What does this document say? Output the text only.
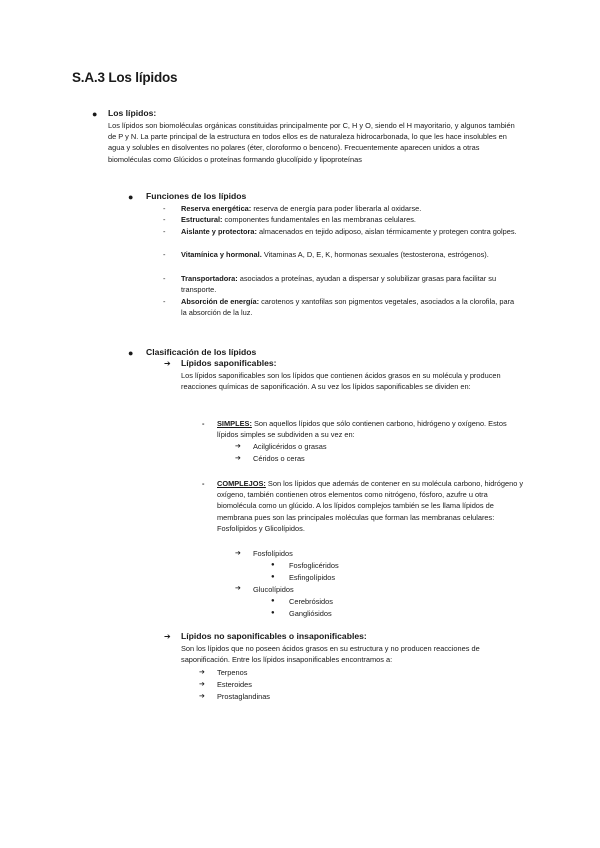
S.A.3 Los lípidos
● Los lípidos:
Los lípidos son biomoléculas orgánicas constituidas principalmente por C, H y O, siendo el H mayoritario, y algunos también de P y N. La parte principal de la estructura en todos ellos es de naturaleza hidrocarbonada, lo que les hace insolubles en agua y solubles en disolventes no polares (éter, cloroformo o benceno). Frecuentemente aparecen unidos a otras biomoléculas como Glúcidos o proteínas formando glucolípido y lipoproteínas
● Funciones de los lípidos
- Reserva energética: reserva de energía para poder liberarla al oxidarse.
- Estructural: componentes fundamentales en las membranas celulares.
- Aislante y protectora: almacenados en tejido adiposo, aislan térmicamente y protegen contra golpes.
- Vitamínica y hormonal. Vitaminas A, D, E, K, hormonas sexuales (testosterona, estrógenos).
- Transportadora: asociados a proteínas, ayudan a dispersar y solubilizar grasas para facilitar su transporte.
- Absorción de energía: carotenos y xantofilas son pigmentos vegetales, asociados a la clorofila, para la absorción de la luz.
● Clasificación de los lípidos
➔ Lípidos saponificables:
Los lípidos saponificables son los lípidos que contienen ácidos grasos en su molécula y producen reacciones químicas de saponificación. A su vez los lípidos saponificables se dividen en:
- SIMPLES: Son aquellos lípidos que sólo contienen carbono, hidrógeno y oxígeno. Estos lípidos simples se subdividen a su vez en:
➔ Acilglicéridos o grasas
➔ Céridos o ceras
- COMPLEJOS: Son los lípidos que además de contener en su molécula carbono, hidrógeno y oxígeno, también contienen otros elementos como nitrógeno, fósforo, azufre u otra biomolécula como un glúcido. A los lípidos complejos también se les llama lípidos de membrana pues son las principales moléculas que forman las membranas celulares: Fosfolípidos y Glicolípidos.
➔ Fosfolípidos
● Fosfoglicéridos
● Esfingolípidos
➔ Glucolípidos
● Cerebrósidos
● Gangliósidos
➔ Lípidos no saponificables o insaponificables:
Son los lípidos que no poseen ácidos grasos en su estructura y no producen reacciones de saponificación. Entre los lípidos insaponificables encontramos a:
➔ Terpenos
➔ Esteroides
➔ Prostaglandinas
